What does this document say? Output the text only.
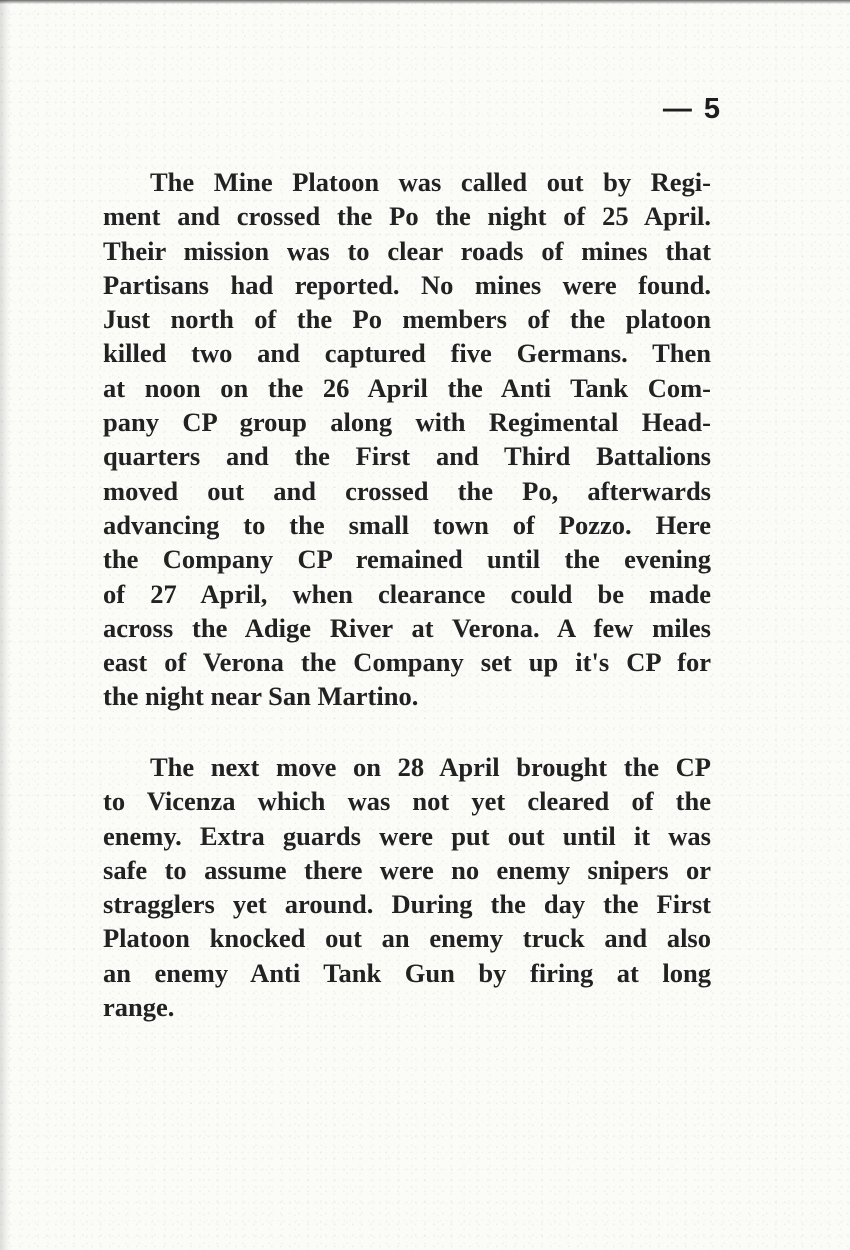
— 5
The Mine Platoon was called out by Regi-
ment and crossed the Po the night of 25 April.
Their mission was to clear roads of mines that
Partisans had reported. No mines were found.
Just north of the Po members of the platoon
killed two and captured five Germans. Then
at noon on the 26 April the Anti Tank Com-
pany CP group along with Regimental Head-
quarters and the First and Third Battalions
moved out and crossed the Po, afterwards
advancing to the small town of Pozzo. Here
the Company CP remained until the evening
of 27 April, when clearance could be made
across the Adige River at Verona. A few miles
east of Verona the Company set up it's CP for
the night near San Martino.
The next move on 28 April brought the CP
to Vicenza which was not yet cleared of the
enemy. Extra guards were put out until it was
safe to assume there were no enemy snipers or
stragglers yet around. During the day the First
Platoon knocked out an enemy truck and also
an enemy Anti Tank Gun by firing at long
range.
